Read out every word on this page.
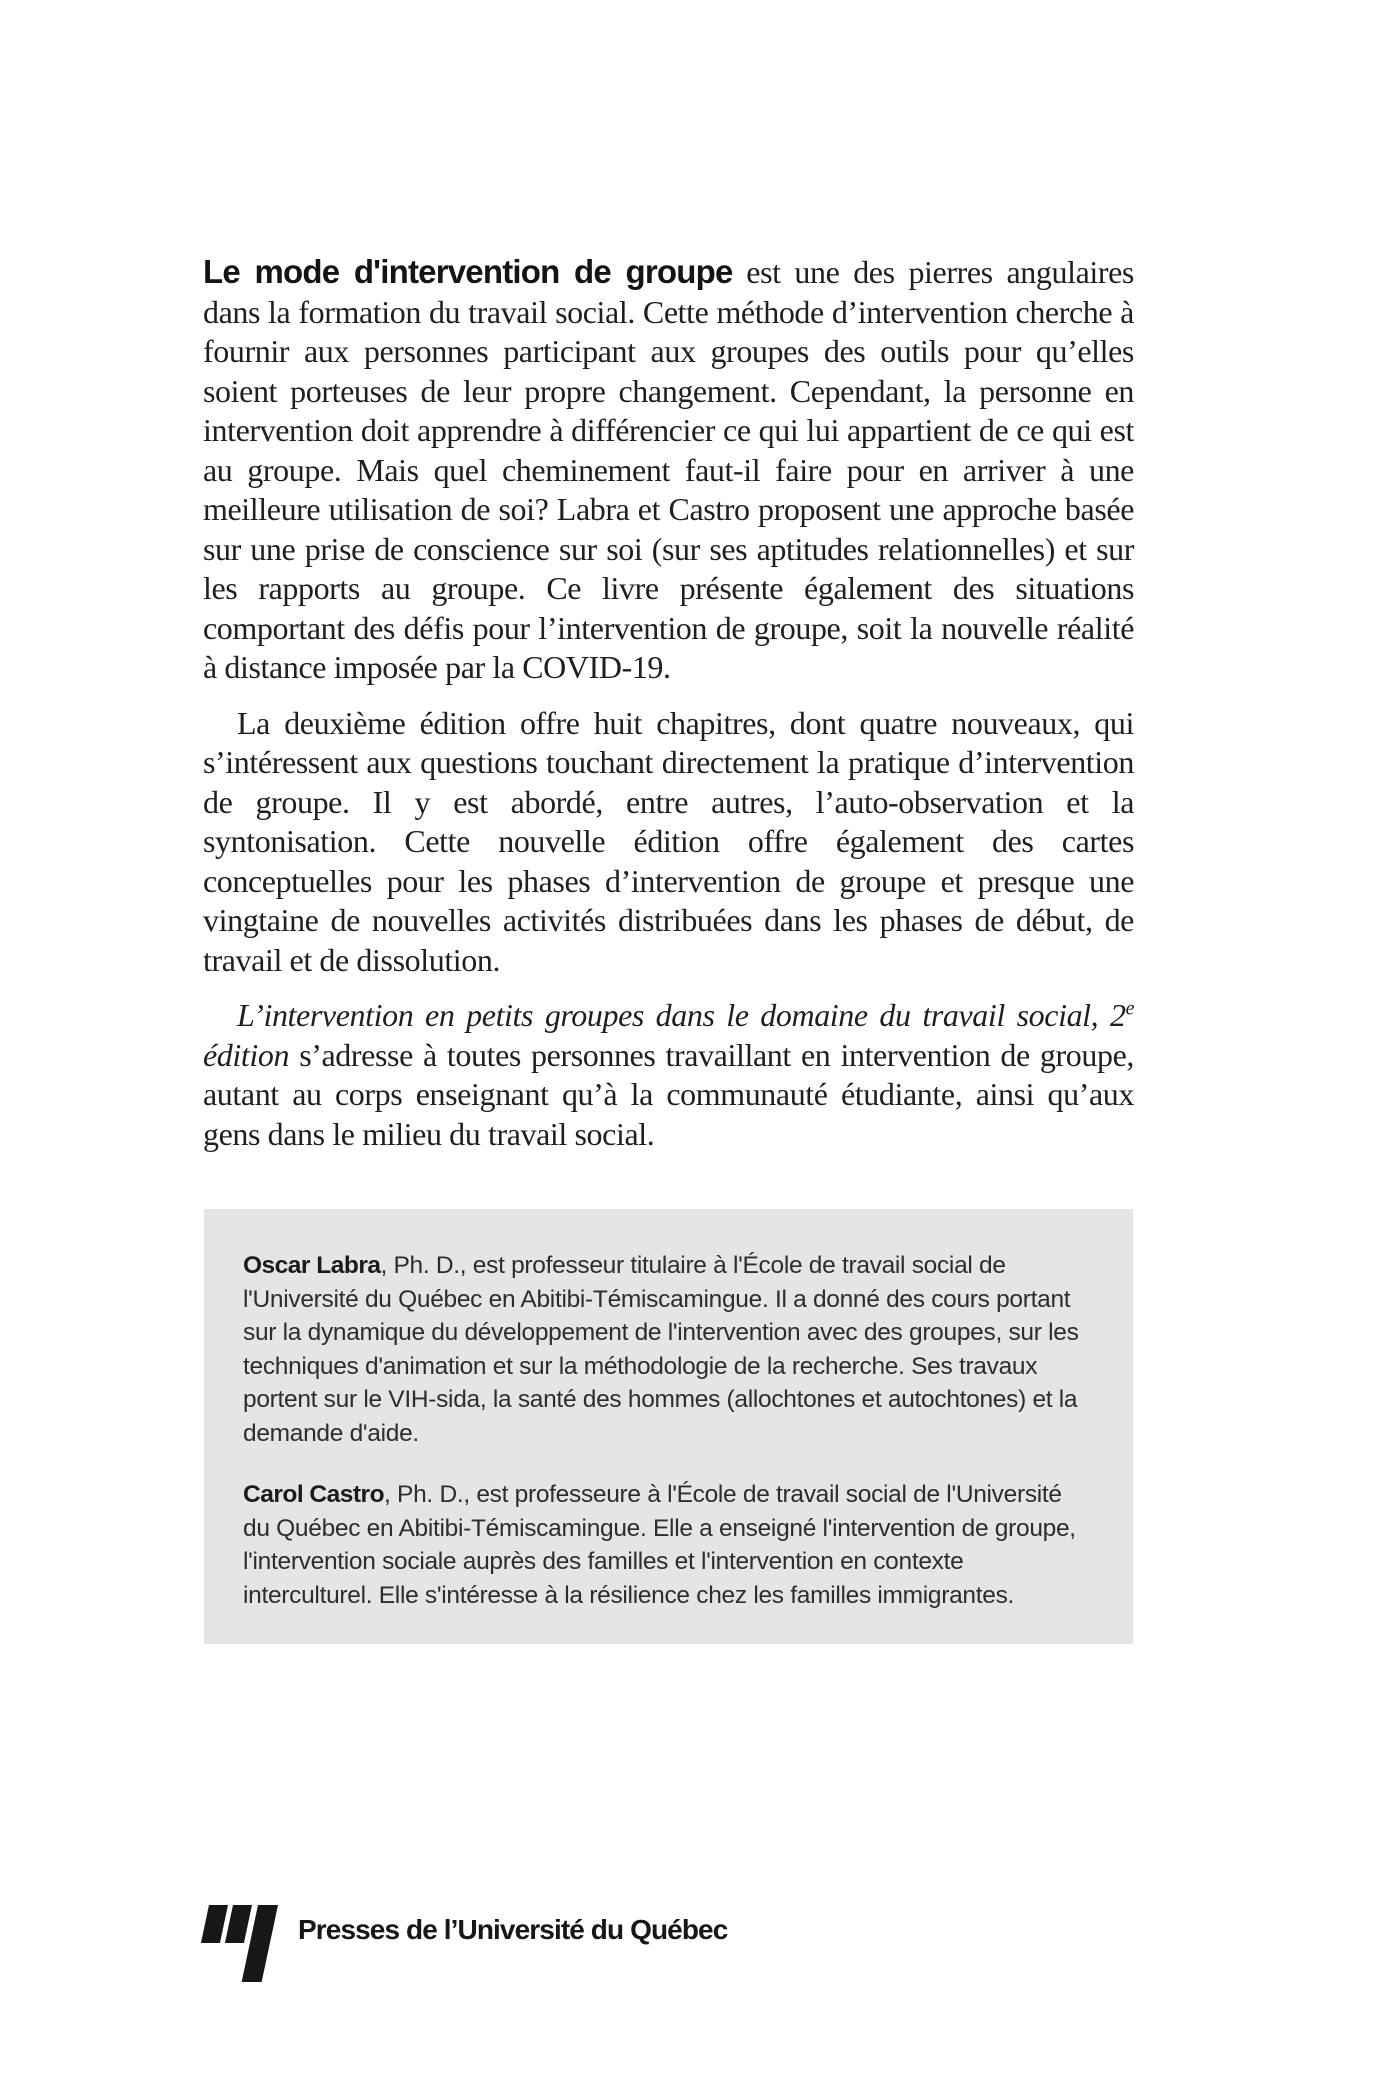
Le mode d'intervention de groupe est une des pierres angulaires dans la formation du travail social. Cette méthode d’intervention cherche à fournir aux personnes participant aux groupes des outils pour qu’elles soient porteuses de leur propre changement. Cependant, la personne en intervention doit apprendre à différencier ce qui lui appartient de ce qui est au groupe. Mais quel cheminement faut-il faire pour en arriver à une meilleure utilisation de soi? Labra et Castro proposent une approche basée sur une prise de conscience sur soi (sur ses aptitudes relationnelles) et sur les rapports au groupe. Ce livre présente également des situations comportant des défis pour l’intervention de groupe, soit la nouvelle réalité à distance imposée par la COVID-19.

La deuxième édition offre huit chapitres, dont quatre nouveaux, qui s’intéressent aux questions touchant directement la pratique d’intervention de groupe. Il y est abordé, entre autres, l’auto-observation et la syntonisation. Cette nouvelle édition offre également des cartes conceptuelles pour les phases d’intervention de groupe et presque une vingtaine de nouvelles activités distribuées dans les phases de début, de travail et de dissolution.

L’intervention en petits groupes dans le domaine du travail social, 2e édition s’adresse à toutes personnes travaillant en intervention de groupe, autant au corps enseignant qu’à la communauté étudiante, ainsi qu’aux gens dans le milieu du travail social.

Oscar Labra, Ph. D., est professeur titulaire à l'École de travail social de l'Université du Québec en Abitibi-Témiscamingue. Il a donné des cours portant sur la dynamique du développement de l'intervention avec des groupes, sur les techniques d'animation et sur la méthodologie de la recherche. Ses travaux portent sur le VIH-sida, la santé des hommes (allochtones et autochtones) et la demande d'aide.

Carol Castro, Ph. D., est professeure à l'École de travail social de l'Université du Québec en Abitibi-Témiscamingue. Elle a enseigné l'intervention de groupe, l'intervention sociale auprès des familles et l'intervention en contexte interculturel. Elle s'intéresse à la résilience chez les familles immigrantes.

Presses de l’Université du Québec
